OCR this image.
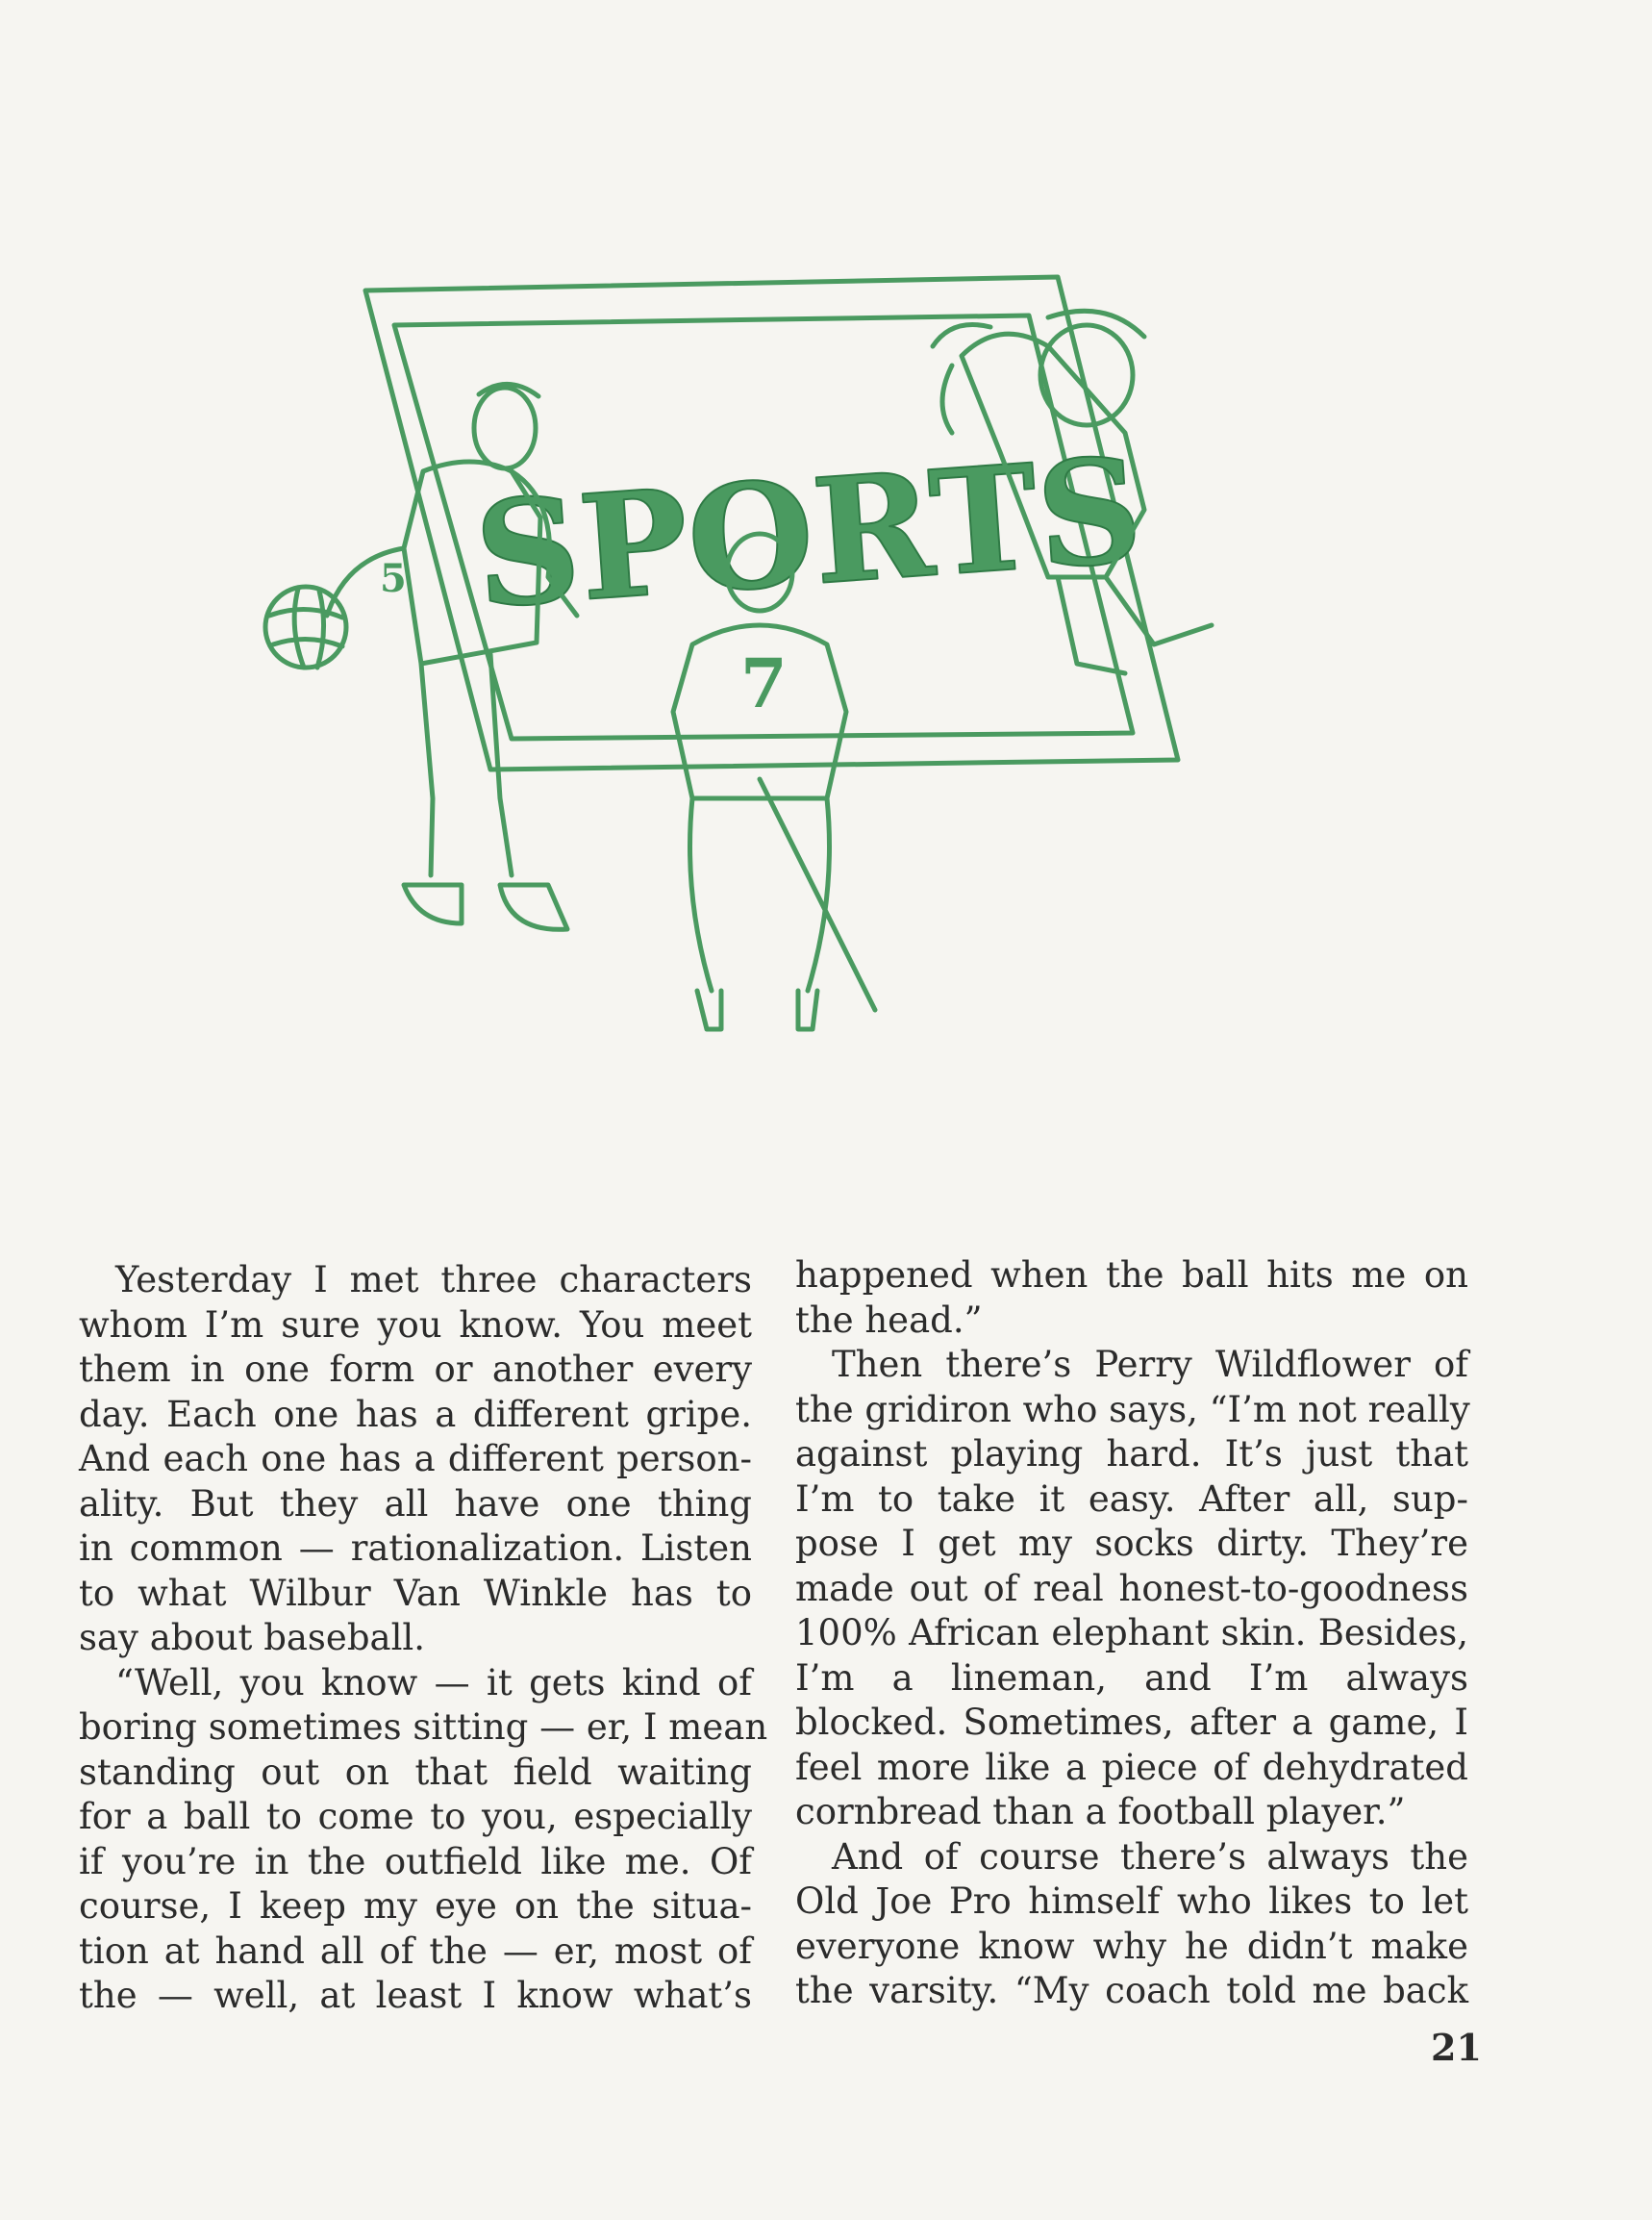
SPORTS
5
7
Yesterday I met three characters
whom I’m sure you know. You meet
them in one form or another every
day. Each one has a different gripe.
And each one has a different person-
ality. But they all have one thing
in common — rationalization. Listen
to what Wilbur Van Winkle has to
say about baseball.
“Well, you know — it gets kind of
boring sometimes sitting — er, I mean
standing out on that field waiting
for a ball to come to you, especially
if you’re in the outfield like me. Of
course, I keep my eye on the situa-
tion at hand all of the — er, most of
the — well, at least I know what’s
happened when the ball hits me on
the head.”
Then there’s Perry Wildflower of
the gridiron who says, “I’m not really
against playing hard. It’s just that
I’m to take it easy. After all, sup-
pose I get my socks dirty. They’re
made out of real honest-to-goodness
100% African elephant skin. Besides,
I’m a lineman, and I’m always
blocked. Sometimes, after a game, I
feel more like a piece of dehydrated
cornbread than a football player.”
And of course there’s always the
Old Joe Pro himself who likes to let
everyone know why he didn’t make
the varsity. “My coach told me back
21
